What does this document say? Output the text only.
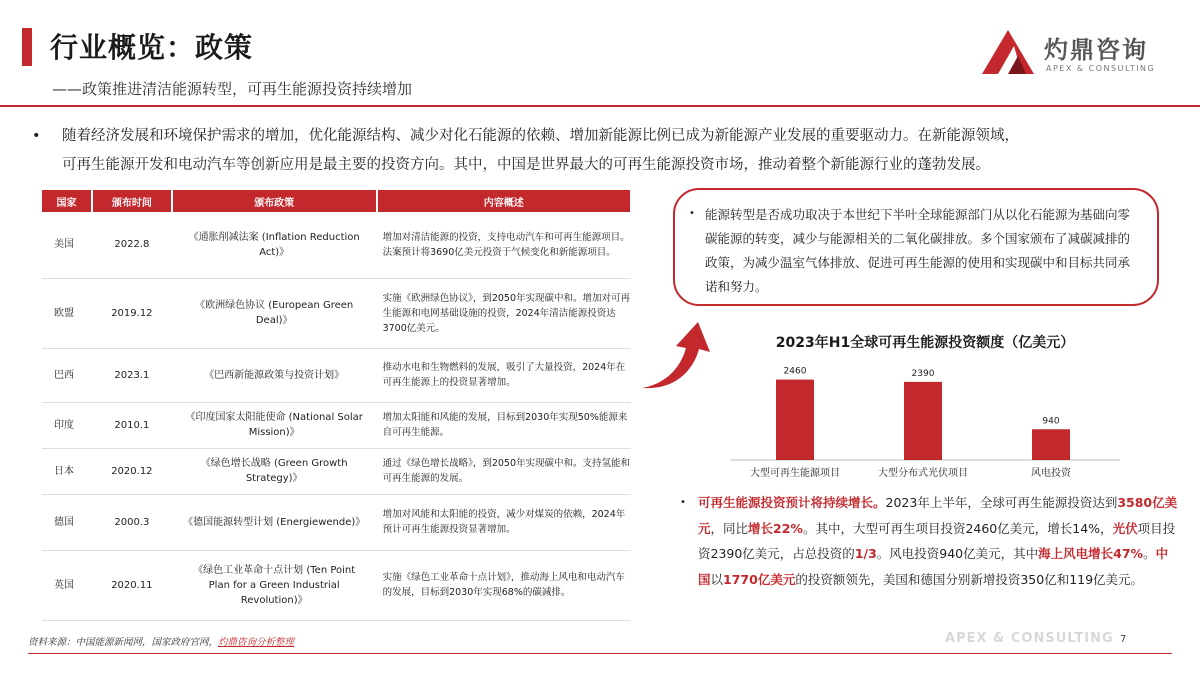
行业概览：政策
——政策推进清洁能源转型，可再生能源投资持续增加
灼鼎咨询
APEX & CONSULTING
• 随着经济发展和环境保护需求的增加，优化能源结构、减少对化石能源的依赖、增加新能源比例已成为新能源产业发展的重要驱动力。在新能源领域，

可再生能源开发和电动汽车等创新应用是最主要的投资方向。其中，中国是世界最大的可再生能源投资市场，推动着整个新能源行业的蓬勃发展。

国家	颁布时间	颁布政策	内容概述
美国	2022.8	《通胀削减法案 (Inflation Reduction Act)》	增加对清洁能源的投资，支持电动汽车和可再生能源项目。法案预计将3690亿美元投资于气候变化和新能源项目。
欧盟	2019.12	《欧洲绿色协议 (European Green Deal)》	实施《欧洲绿色协议》，到2050年实现碳中和。增加对可再生能源和电网基础设施的投资，2024年清洁能源投资达3700亿美元。
巴西	2023.1	《巴西新能源政策与投资计划》	推动水电和生物燃料的发展，吸引了大量投资，2024年在可再生能源上的投资显著增加。
印度	2010.1	《印度国家太阳能使命 (National Solar Mission)》	增加太阳能和风能的发展，目标到2030年实现50%能源来自可再生能源。
日本	2020.12	《绿色增长战略 (Green Growth Strategy)》	通过《绿色增长战略》，到2050年实现碳中和。支持氢能和可再生能源的发展。
德国	2000.3	《德国能源转型计划 (Energiewende)》	增加对风能和太阳能的投资，减少对煤炭的依赖，2024年预计可再生能源投资显著增加。
英国	2020.11	《绿色工业革命十点计划 (Ten Point Plan for a Green Industrial Revolution)》	实施《绿色工业革命十点计划》，推动海上风电和电动汽车的发展，目标到2030年实现68%的碳减排。
• 能源转型是否成功取决于本世纪下半叶全球能源部门从以化石能源为基础向零碳能源的转变，减少与能源相关的二氧化碳排放。多个国家颁布了减碳减排的政策，为减少温室气体排放、促进可再生能源的使用和实现碳中和目标共同承诺和努力。

2023年H1全球可再生能源投资额度（亿美元）
2460
大型可再生能源项目
2390
大型分布式光伏项目
940
风电投资
• 可再生能源投资预计将持续增长。2023年上半年，全球可再生能源投资达到3580亿美元，同比增长22%。其中，大型可再生项目投资2460亿美元，增长14%，光伏项目投资2390亿美元，占总投资的1/3。风电投资940亿美元，其中海上风电增长47%。中国以1770亿美元的投资额领先，美国和德国分别新增投资350亿和119亿美元。

资料来源：中国能源新闻网，国家政府官网，灼鼎咨询分析整理	APEX & CONSULTING 7
